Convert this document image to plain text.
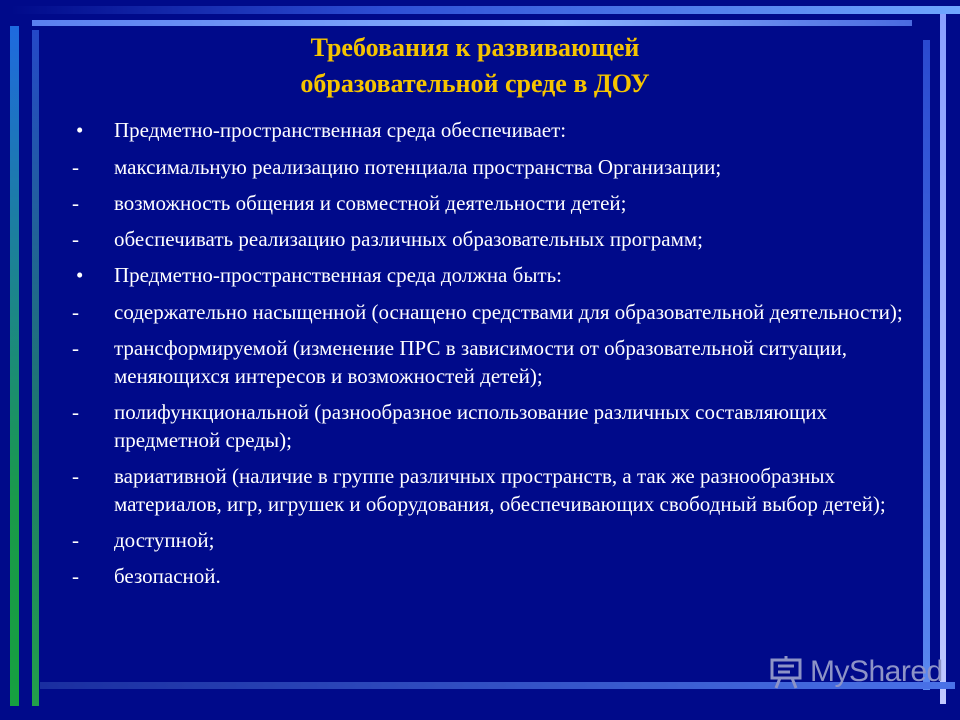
Требования к развивающей
образовательной среде в ДОУ
•	Предметно-пространственная среда обеспечивает:
-	максимальную реализацию потенциала пространства Организации;
-	возможность общения и совместной деятельности детей;
-	обеспечивать реализацию различных образовательных программ;
•	Предметно-пространственная среда должна быть:
-	содержательно насыщенной (оснащено средствами для образовательной деятельности);
-	трансформируемой (изменение ПРС в зависимости от образовательной ситуации, меняющихся интересов и возможностей детей);
-	полифункциональной (разнообразное использование различных составляющих предметной среды);
-	вариативной (наличие в группе различных пространств, а так же разнообразных материалов, игр, игрушек и оборудования, обеспечивающих свободный выбор детей);
-	доступной;
-	безопасной.
MyShared
